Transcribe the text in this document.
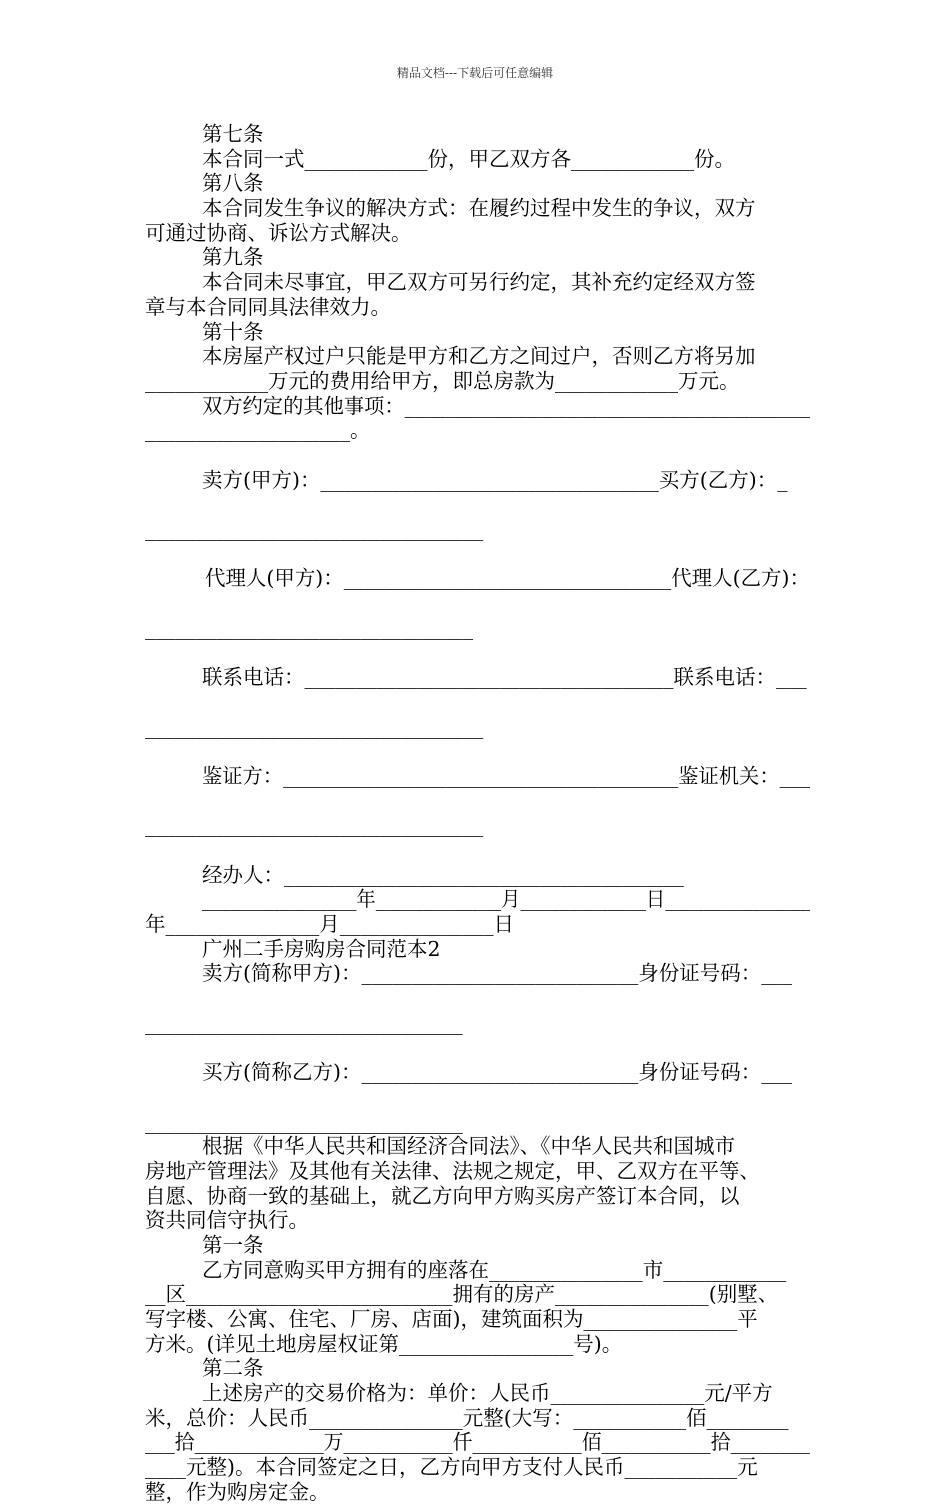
精品文档---下载后可任意编辑
第七条
本合同一式____________份，甲乙双方各____________份。
第八条
本合同发生争议的解决方式：在履约过程中发生的争议，双方
可通过协商、诉讼方式解决。
第九条
本合同未尽事宜，甲乙双方可另行约定，其补充约定经双方签
章与本合同同具法律效力。
第十条
本房屋产权过户只能是甲方和乙方之间过户，否则乙方将另加
____________万元的费用给甲方，即总房款为____________万元。
双方约定的其他事项：________________________________________
____________________。
卖方(甲方)：_________________________________买方(乙方)：_
_________________________________
代理人(甲方)：________________________________代理人(乙方)：
________________________________
联系电话：____________________________________联系电话：___
_________________________________
鉴证方：_______________________________________鉴证机关：___
_________________________________
经办人：_______________________________________
________________年_____________月_____________日_______________
年_______________月_______________日
广州二手房购房合同范本2
卖方(简称甲方)：___________________________身份证号码：___
_______________________________
买方(简称乙方)：___________________________身份证号码：___
_______________________________
根据《中华人民共和国经济合同法》、《中华人民共和国城市
房地产管理法》及其他有关法律、法规之规定，甲、乙双方在平等、
自愿、协商一致的基础上，就乙方向甲方购买房产签订本合同，以
资共同信守执行。
第一条
乙方同意购买甲方拥有的座落在_______________市____________
__区__________________________拥有的房产_______________(别墅、
写字楼、公寓、住宅、厂房、店面)，建筑面积为_______________平
方米。(详见土地房屋权证第_________________号)。
第二条
上述房产的交易价格为：单价：人民币_______________元/平方
米，总价：人民币_______________元整(大写：___________佰________
___拾_____________万___________仟___________佰___________拾________
____元整)。本合同签定之日，乙方向甲方支付人民币___________元
整，作为购房定金。
